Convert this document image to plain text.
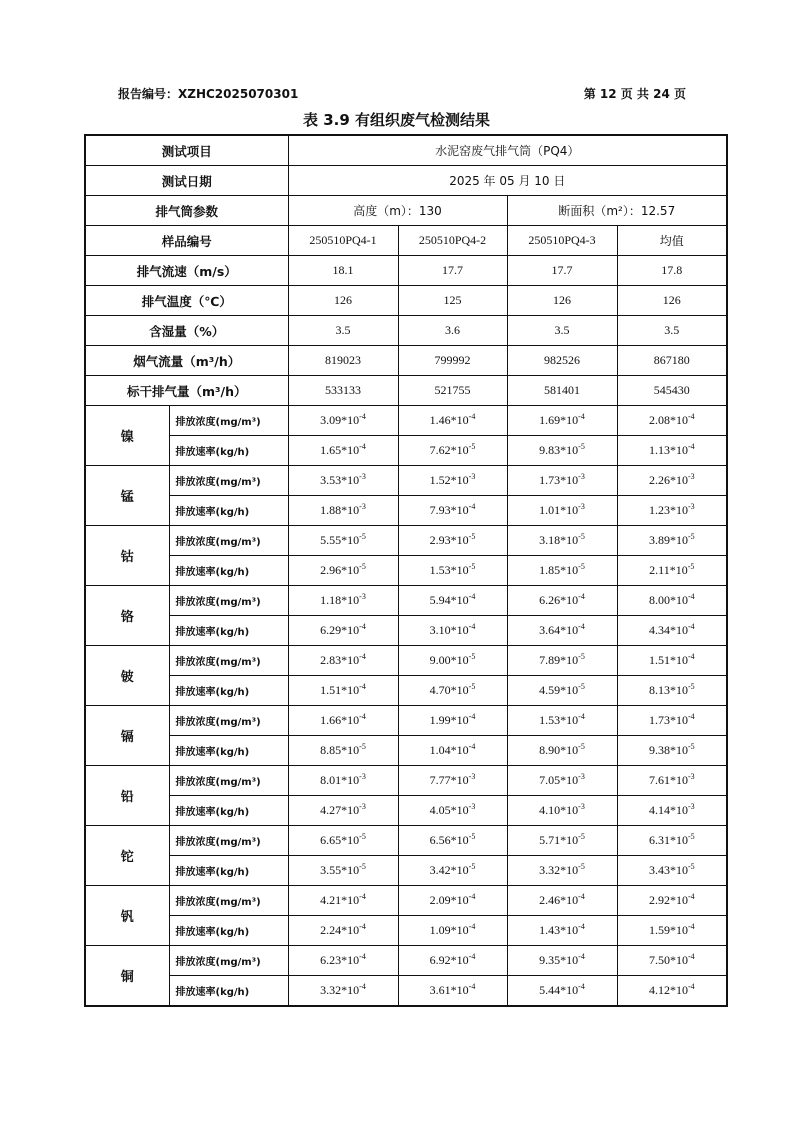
报告编号：XZHC2025070301	第 12 页 共 24 页
表 3.9 有组织废气检测结果
测试项目		水泥窑废气排气筒（PQ4）			
测试日期		2025 年 05 月 10 日			
排气筒参数		高度（m）：130		断面积（m²）：12.57	
样品编号		250510PQ4-1	250510PQ4-2	250510PQ4-3	均值
排气流速（m/s）		18.1	17.7	17.7	17.8
排气温度（℃）		126	125	126	126
含湿量（%）		3.5	3.6	3.5	3.5
烟气流量（m³/h）		819023	799992	982526	867180
标干排气量（m³/h）		533133	521755	581401	545430
镍	排放浓度(mg/m³)	$3.09*10^{-4}$	$1.46*10^{-4}$	$1.69*10^{-4}$	$2.08*10^{-4}$
	排放速率(kg/h)	$1.65*10^{-4}$	$7.62*10^{-5}$	$9.83*10^{-5}$	$1.13*10^{-4}$
锰	排放浓度(mg/m³)	$3.53*10^{-3}$	$1.52*10^{-3}$	$1.73*10^{-3}$	$2.26*10^{-3}$
	排放速率(kg/h)	$1.88*10^{-3}$	$7.93*10^{-4}$	$1.01*10^{-3}$	$1.23*10^{-3}$
钴	排放浓度(mg/m³)	$5.55*10^{-5}$	$2.93*10^{-5}$	$3.18*10^{-5}$	$3.89*10^{-5}$
	排放速率(kg/h)	$2.96*10^{-5}$	$1.53*10^{-5}$	$1.85*10^{-5}$	$2.11*10^{-5}$
铬	排放浓度(mg/m³)	$1.18*10^{-3}$	$5.94*10^{-4}$	$6.26*10^{-4}$	$8.00*10^{-4}$
	排放速率(kg/h)	$6.29*10^{-4}$	$3.10*10^{-4}$	$3.64*10^{-4}$	$4.34*10^{-4}$
铍	排放浓度(mg/m³)	$2.83*10^{-4}$	$9.00*10^{-5}$	$7.89*10^{-5}$	$1.51*10^{-4}$
	排放速率(kg/h)	$1.51*10^{-4}$	$4.70*10^{-5}$	$4.59*10^{-5}$	$8.13*10^{-5}$
镉	排放浓度(mg/m³)	$1.66*10^{-4}$	$1.99*10^{-4}$	$1.53*10^{-4}$	$1.73*10^{-4}$
	排放速率(kg/h)	$8.85*10^{-5}$	$1.04*10^{-4}$	$8.90*10^{-5}$	$9.38*10^{-5}$
铅	排放浓度(mg/m³)	$8.01*10^{-3}$	$7.77*10^{-3}$	$7.05*10^{-3}$	$7.61*10^{-3}$
	排放速率(kg/h)	$4.27*10^{-3}$	$4.05*10^{-3}$	$4.10*10^{-3}$	$4.14*10^{-3}$
铊	排放浓度(mg/m³)	$6.65*10^{-5}$	$6.56*10^{-5}$	$5.71*10^{-5}$	$6.31*10^{-5}$
	排放速率(kg/h)	$3.55*10^{-5}$	$3.42*10^{-5}$	$3.32*10^{-5}$	$3.43*10^{-5}$
钒	排放浓度(mg/m³)	$4.21*10^{-4}$	$2.09*10^{-4}$	$2.46*10^{-4}$	$2.92*10^{-4}$
	排放速率(kg/h)	$2.24*10^{-4}$	$1.09*10^{-4}$	$1.43*10^{-4}$	$1.59*10^{-4}$
铜	排放浓度(mg/m³)	$6.23*10^{-4}$	$6.92*10^{-4}$	$9.35*10^{-4}$	$7.50*10^{-4}$
	排放速率(kg/h)	$3.32*10^{-4}$	$3.61*10^{-4}$	$5.44*10^{-4}$	$4.12*10^{-4}$
